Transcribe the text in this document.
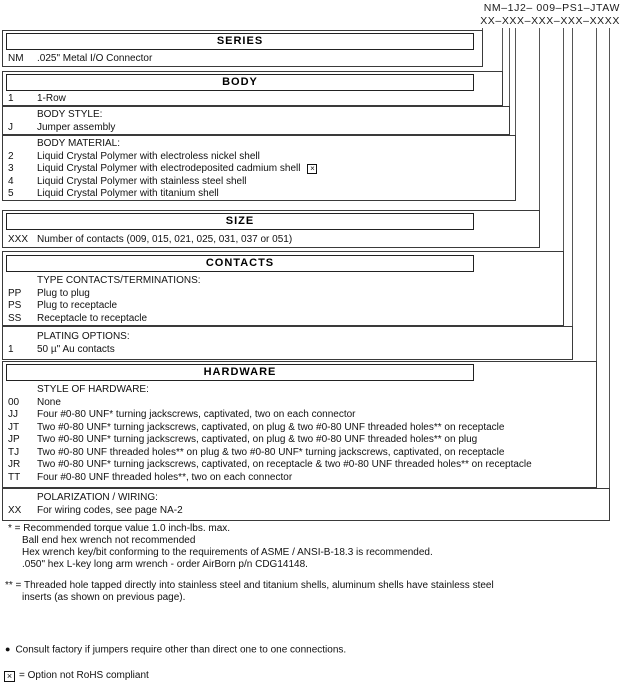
NM–1J2– 009–PS1–JTAW
XX–XXX–XXX–XXX–XXXX
SERIES
NM	.025" Metal I/O Connector
BODY
1	1-Row
BODY STYLE:
J	Jumper assembly
BODY MATERIAL:
2	Liquid Crystal Polymer with electroless nickel shell
3	Liquid Crystal Polymer with electrodeposited cadmium shell ×
4	Liquid Crystal Polymer with stainless steel shell
5	Liquid Crystal Polymer with titanium shell
SIZE
XXX Number of contacts (009, 015, 021, 025, 031, 037 or 051)
CONTACTS
TYPE CONTACTS/TERMINATIONS:
PP	Plug to plug
PS	Plug to receptacle
SS	Receptacle to receptacle
PLATING OPTIONS:
1	50 µ" Au contacts
HARDWARE
STYLE OF HARDWARE:
00	None
JJ	Four #0-80 UNF* turning jackscrews, captivated, two on each connector
JT	Two #0-80 UNF* turning jackscrews, captivated, on plug & two #0-80 UNF threaded holes** on receptacle
JP	Two #0-80 UNF* turning jackscrews, captivated, on plug & two #0-80 UNF threaded holes** on plug
TJ	Two #0-80 UNF threaded holes** on plug & two #0-80 UNF* turning jackscrews, captivated, on receptacle
JR	Two #0-80 UNF* turning jackscrews, captivated, on receptacle & two #0-80 UNF threaded holes** on receptacle
TT	Four #0-80 UNF threaded holes**, two on each connector
POLARIZATION / WIRING:
XX	For wiring codes, see page NA-2
* = Recommended torque value 1.0 inch-lbs. max.
Ball end hex wrench not recommended
Hex wrench key/bit conforming to the requirements of ASME / ANSI-B-18.3 is recommended.
.050" hex L-key long arm wrench - order AirBorn p/n CDG14148.
** = Threaded hole tapped directly into stainless steel and titanium shells, aluminum shells have stainless steel
inserts (as shown on previous page).
● Consult factory if jumpers require other than direct one to one connections.
× = Option not RoHS compliant
